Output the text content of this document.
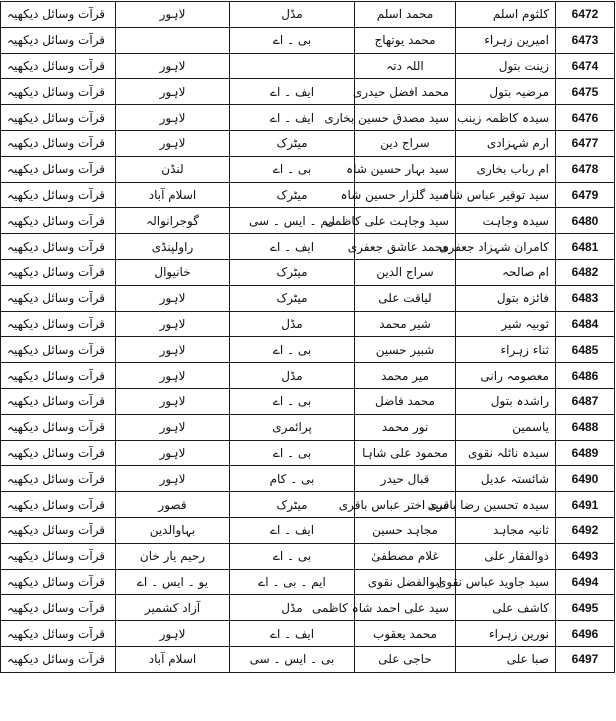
قرآت وسائل دیکھیہ	لاہور	مڈل	محمد اسلم	کلثوم اسلم	6472
قرآت وسائل دیکھیہ		بی ۔ اے	محمد یوتھاج	امیرین زہراء	6473
قرآت وسائل دیکھیہ	لاہور		اللہ دتہ	زینت بتول	6474
قرآت وسائل دیکھیہ	لاہور	ایف ۔ اے	محمد افضل حیدری	مرضیہ بتول	6475
قرآت وسائل دیکھیہ	لاہور	ایف ۔ اے	سید مصدق حسین بخاری	سیدہ کاظمہ زینب	6476
قرآت وسائل دیکھیہ	لاہور	میٹرک	سراج دین	ارم شہزادی	6477
قرآت وسائل دیکھیہ	لنڈن	بی ۔ اے	سید بہار حسین شاہ	ام رباب بخاری	6478
قرآت وسائل دیکھیہ	اسلام آباد	میٹرک	سید گلزار حسین شاہ	سید توقیر عباس شاہ	6479
قرآت وسائل دیکھیہ	گوجرانوالہ	ایم ۔ ایس ۔ سی	سید وجاہت علی کاظمی	سیدہ وجاہت	6480
قرآت وسائل دیکھیہ	راولپنڈی	ایف ۔ اے	محمد عاشق جعفری	کامران شہزاد جعفری	6481
قرآت وسائل دیکھیہ	خانیوال	میٹرک	سراج الدین	ام صالحہ	6482
قرآت وسائل دیکھیہ	لاہور	میٹرک	لیاقت علی	فائزہ بتول	6483
قرآت وسائل دیکھیہ	لاہور	مڈل	شیر محمد	ثوبیہ شیر	6484
قرآت وسائل دیکھیہ	لاہور	بی ۔ اے	شبیر حسین	ثناء زہراء	6485
قرآت وسائل دیکھیہ	لاہور	مڈل	میر محمد	معصومہ رانی	6486
قرآت وسائل دیکھیہ	لاہور	بی ۔ اے	محمد فاضل	راشدہ بتول	6487
قرآت وسائل دیکھیہ	لاہور	پرائمری	نور محمد	یاسمین	6488
قرآت وسائل دیکھیہ	لاہور	بی ۔ اے	محمود علی شاہا	سیدہ نائلہ نقوی	6489
قرآت وسائل دیکھیہ	لاہور	بی ۔ کام	قبال حیدر	شائستہ عدیل	6490
قرآت وسائل دیکھیہ	قصور	میٹرک	سید اختر عباس باقری	سیدہ تحسین رضا باقری	6491
قرآت وسائل دیکھیہ	بہاوالدین	ایف ۔ اے	مجاہد حسین	ثانیہ مجاہد	6492
قرآت وسائل دیکھیہ	رحیم یار خان	بی ۔ اے	غلام مصطفیٰ	ذوالفقار علی	6493
قرآت وسائل دیکھیہ	یو ۔ ایس ۔ اے	ایم ۔ بی ۔ اے	ابوالفضل نقوی	سید جاوید عباس نقوی	6494
قرآت وسائل دیکھیہ	آزاد کشمیر	مڈل	سید علی احمد شاہ کاظمی	کاشف علی	6495
قرآت وسائل دیکھیہ	لاہور	ایف ۔ اے	محمد یعقوب	نورین زہراء	6496
قرآت وسائل دیکھیہ	اسلام آباد	بی ۔ ایس ۔ سی	حاجی علی	صبا علی	6497
